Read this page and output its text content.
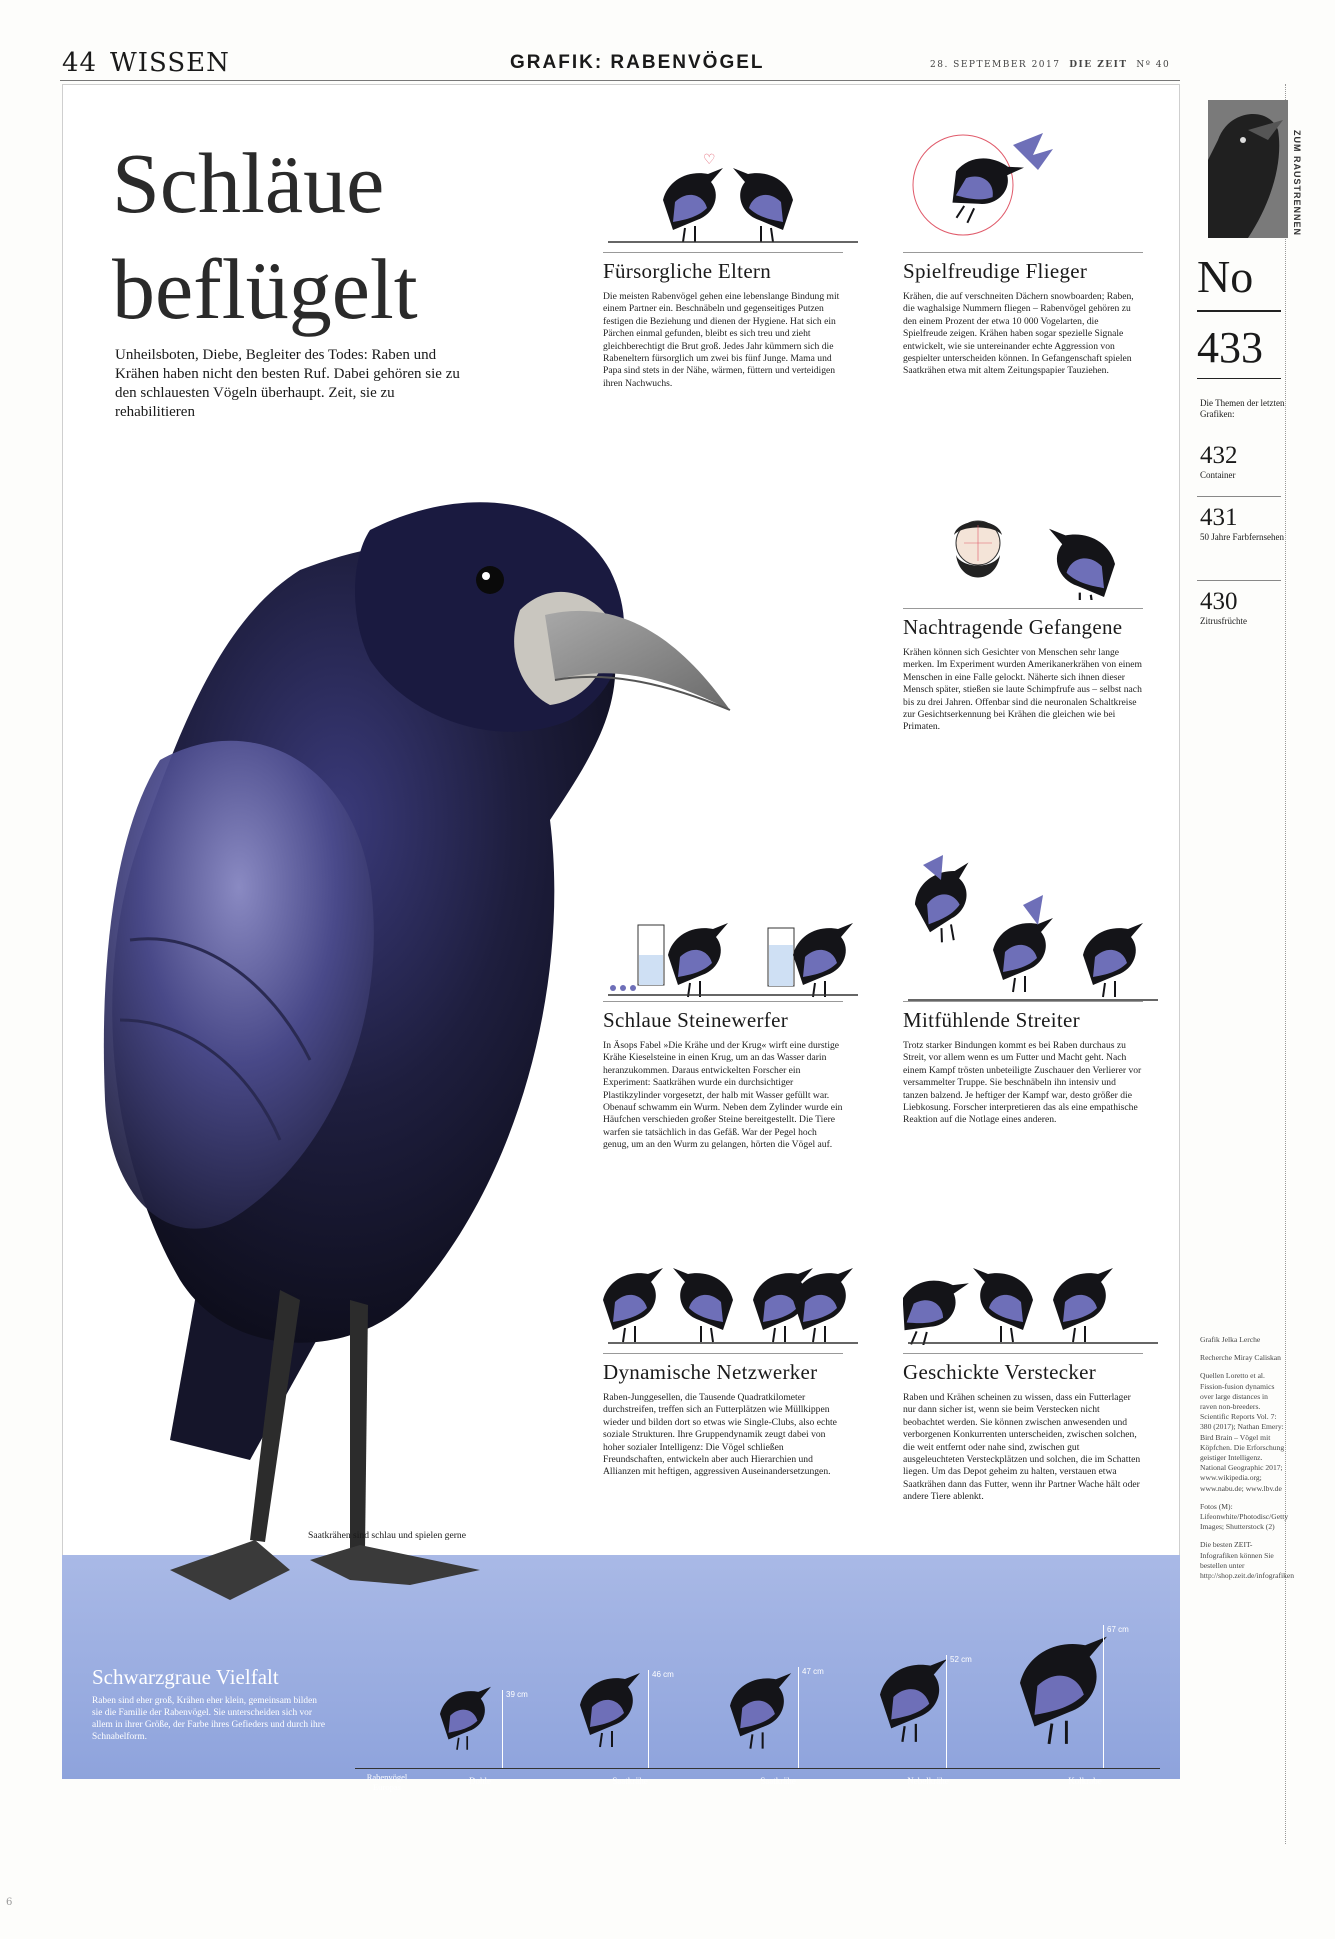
44 WISSEN	GRAFIK: RABENVÖGEL	28. SEPTEMBER 2017 DIE ZEIT Nº 40
Schläue
beflügelt
Unheilsboten, Diebe, Begleiter des Todes: Raben und Krähen haben nicht den besten Ruf. Dabei gehören sie zu den schlauesten Vögeln überhaupt. Zeit, sie zu rehabilitieren
Fürsorgliche Eltern

Die meisten Rabenvögel gehen eine lebenslange Bindung mit einem Partner ein. Beschnäbeln und gegenseitiges Putzen festigen die Beziehung und dienen der Hygiene. Hat sich ein Pärchen einmal gefunden, bleibt es sich treu und zieht gleichberechtigt die Brut groß. Jedes Jahr kümmern sich die Rabeneltern fürsorglich um zwei bis fünf Junge. Mama und Papa sind stets in der Nähe, wärmen, füttern und verteidigen ihren Nachwuchs.

Spielfreudige Flieger

Krähen, die auf verschneiten Dächern snowboarden; Raben, die waghalsige Nummern fliegen – Rabenvögel gehören zu den einem Prozent der etwa 10 000 Vogelarten, die Spielfreude zeigen. Krähen haben sogar spezielle Signale entwickelt, wie sie untereinander echte Aggression von gespielter unterscheiden können. In Gefangenschaft spielen Saatkrähen etwa mit altem Zeitungspapier Tauziehen.

Nachtragende Gefangene

Krähen können sich Gesichter von Menschen sehr lange merken. Im Experiment wurden Amerikanerkrähen von einem Menschen in eine Falle gelockt. Näherte sich ihnen dieser Mensch später, stießen sie laute Schimpfrufe aus – selbst nach bis zu drei Jahren. Offenbar sind die neuronalen Schaltkreise zur Gesichtserkennung bei Krähen die gleichen wie bei Primaten.

Schlaue Steinewerfer

In Äsops Fabel »Die Krähe und der Krug« wirft eine durstige Krähe Kieselsteine in einen Krug, um an das Wasser darin heranzukommen. Daraus entwickelten Forscher ein Experiment: Saatkrähen wurde ein durchsichtiger Plastikzylinder vorgesetzt, der halb mit Wasser gefüllt war. Obenauf schwamm ein Wurm. Neben dem Zylinder wurde ein Häufchen verschieden großer Steine bereitgestellt. Die Tiere warfen sie tatsächlich in das Gefäß. War der Pegel hoch genug, um an den Wurm zu gelangen, hörten die Vögel auf.

Mitfühlende Streiter

Trotz starker Bindungen kommt es bei Raben durchaus zu Streit, vor allem wenn es um Futter und Macht geht. Nach einem Kampf trösten unbeteiligte Zuschauer den Verlierer vor versammelter Truppe. Sie beschnäbeln ihn intensiv und tanzen balzend. Je heftiger der Kampf war, desto größer die Liebkosung. Forscher interpretieren das als eine empathische Reaktion auf die Notlage eines anderen.

Dynamische Netzwerker

Raben-Junggesellen, die Tausende Quadratkilometer durchstreifen, treffen sich an Futterplätzen wie Müllkippen wieder und bilden dort so etwas wie Single-Clubs, also echte soziale Strukturen. Ihre Gruppendynamik zeugt dabei von hoher sozialer Intelligenz: Die Vögel schließen Freundschaften, entwickeln aber auch Hierarchien und Allianzen mit heftigen, aggressiven Auseinandersetzungen.

Geschickte Verstecker

Raben und Krähen scheinen zu wissen, dass ein Futterlager nur dann sicher ist, wenn sie beim Verstecken nicht beobachtet werden. Sie können zwischen anwesenden und verborgenen Konkurrenten unterscheiden, zwischen solchen, die weit entfernt oder nahe sind, zwischen gut ausgeleuchteten Versteckplätzen und solchen, die im Schatten liegen. Um das Depot geheim zu halten, verstauen etwa Saatkrähen dann das Futter, wenn ihr Partner Wache hält oder andere Tiere ablenkt.

♡
Saatkrähen sind schlau und spielen gerne
ZUM RAUSTRENNEN
No
433
Die Themen der letzten Grafiken:
432
Container
431
50 Jahre Farbfernsehen
430
Zitrusfrüchte
Grafik Jelka Lerche
Recherche Miray Caliskan
Quellen Loretto et al. Fission-fusion dynamics over large distances in raven non-breeders. Scientific Reports Vol. 7: 380 (2017); Nathan Emery: Bird Brain – Vögel mit Köpfchen. Die Erforschung geistiger Intelligenz. National Geographic 2017; www.wikipedia.org; www.nabu.de; www.lbv.de
Fotos (M): Lifeonwhite/Photodisc/Getty Images; Shutterstock (2)
Die besten ZEIT-Infografiken können Sie bestellen unter http://shop.zeit.de/infografiken
Schwarzgraue Vielfalt
Raben sind eher groß, Krähen eher klein, gemeinsam bilden sie die Familie der Rabenvögel. Sie unterscheiden sich vor allem in ihrer Größe, der Farbe ihres Gefieders und durch ihre Schnabelform.
Rabenvögel Europas
39 cm
46 cm	47 cm
52 cm
67 cm
Dohle	Saatkrähe	Saatkrähe	Nebelkrähe	Kolkrabe
6
